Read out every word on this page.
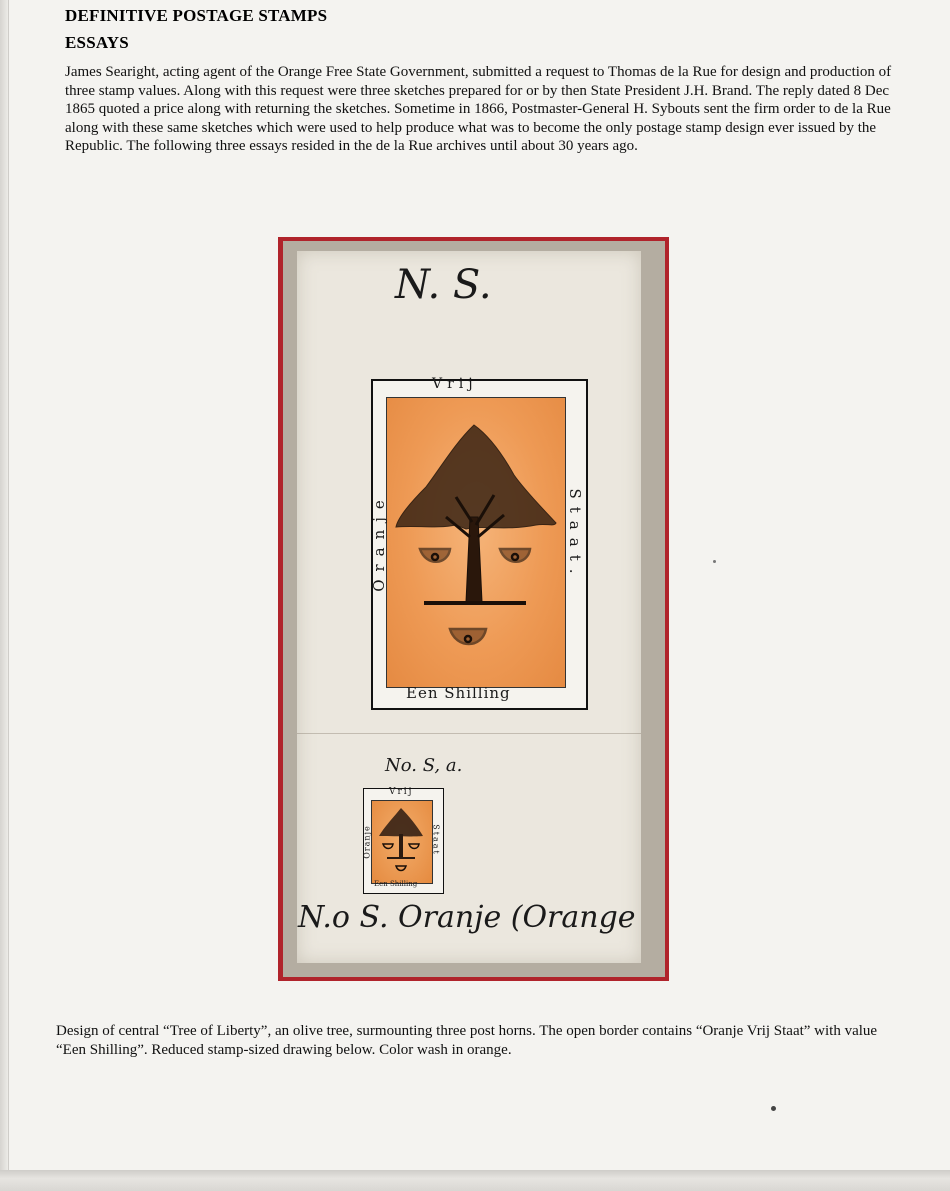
DEFINITIVE POSTAGE STAMPS
ESSAYS
James Searight, acting agent of the Orange Free State Government, submitted a request to Thomas de la Rue for design and production of three stamp values. Along with this request were three sketches prepared for or by then State President J.H. Brand. The reply dated 8 Dec 1865 quoted a price along with returning the sketches. Sometime in 1866, Postmaster-General H. Sybouts sent the firm order to de la Rue along with these same sketches which were used to help produce what was to become the only postage stamp design ever issued by the Republic. The following three essays resided in the de la Rue archives until about 30 years ago.
N. S.
Vrij
Oranje	Staat.
Een Shilling
No. S, a.
Vrij
Oranje	Staat
Een Shilling
N.o S. Oranje (Orange
Design of central “Tree of Liberty”, an olive tree, surmounting three post horns. The open border contains “Oranje Vrij Staat” with value “Een Shilling”. Reduced stamp-sized drawing below. Color wash in orange.
